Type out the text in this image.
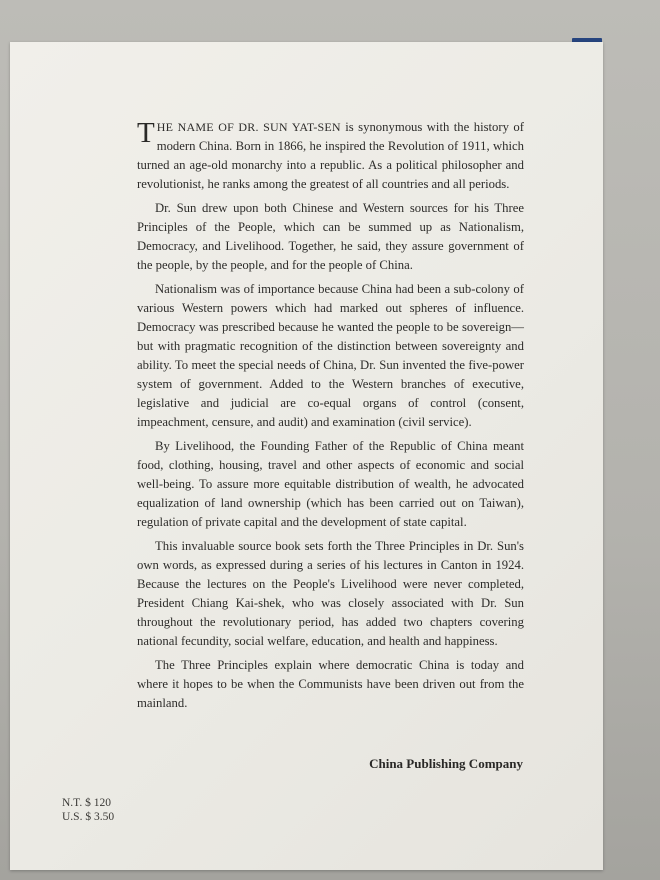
THE NAME OF DR. SUN YAT-SEN is synonymous with the history of modern China. Born in 1866, he inspired the Revolution of 1911, which turned an age-old monarchy into a republic. As a political philosopher and revolutionist, he ranks among the greatest of all countries and all periods.

Dr. Sun drew upon both Chinese and Western sources for his Three Principles of the People, which can be summed up as Nationalism, Democracy, and Livelihood. Together, he said, they assure government of the people, by the people, and for the people of China.

Nationalism was of importance because China had been a sub-colony of various Western powers which had marked out spheres of influence. Democracy was prescribed because he wanted the people to be sovereign—but with pragmatic recognition of the distinction between sovereignty and ability. To meet the special needs of China, Dr. Sun invented the five-power system of government. Added to the Western branches of executive, legislative and judicial are co-equal organs of control (consent, impeachment, censure, and audit) and examination (civil service).

By Livelihood, the Founding Father of the Republic of China meant food, clothing, housing, travel and other aspects of economic and social well-being. To assure more equitable distribution of wealth, he advocated equalization of land ownership (which has been carried out on Taiwan), regulation of private capital and the development of state capital.

This invaluable source book sets forth the Three Principles in Dr. Sun's own words, as expressed during a series of his lectures in Canton in 1924. Because the lectures on the People's Livelihood were never completed, President Chiang Kai-shek, who was closely associated with Dr. Sun throughout the revolutionary period, has added two chapters covering national fecundity, social welfare, education, and health and happiness.

The Three Principles explain where democratic China is today and where it hopes to be when the Communists have been driven out from the mainland.

China Publishing Company
N.T. $ 120
U.S. $ 3.50
